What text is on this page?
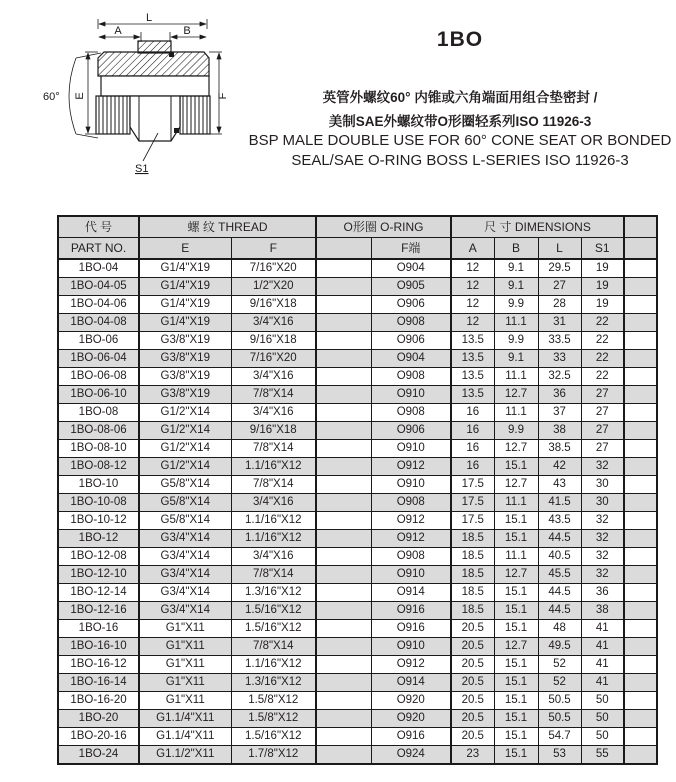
L
A	B
E	F
60°
S1
1BO

英管外螺纹60° 内锥或六角端面用组合垫密封 /

美制SAE外螺纹带O形圈轻系列ISO 11926-3

BSP MALE DOUBLE USE FOR 60° CONE SEAT OR BONDED

SEAL/SAE O-RING BOSS L-SERIES ISO 11926-3

代 号	螺 纹 THREAD		O形圈 O-RING		尺 寸 DIMENSIONS				
PART NO.	E	F		F端	A	B	L	S1	
1BO-04	G1/4"X19	7/16"X20		O904	12	9.1	29.5	19	
1BO-04-05	G1/4"X19	1/2"X20		O905	12	9.1	27	19	
1BO-04-06	G1/4"X19	9/16"X18		O906	12	9.9	28	19	
1BO-04-08	G1/4"X19	3/4"X16		O908	12	11.1	31	22	
1BO-06	G3/8"X19	9/16"X18		O906	13.5	9.9	33.5	22	
1BO-06-04	G3/8"X19	7/16"X20		O904	13.5	9.1	33	22	
1BO-06-08	G3/8"X19	3/4"X16		O908	13.5	11.1	32.5	22	
1BO-06-10	G3/8"X19	7/8"X14		O910	13.5	12.7	36	27	
1BO-08	G1/2"X14	3/4"X16		O908	16	11.1	37	27	
1BO-08-06	G1/2"X14	9/16"X18		O906	16	9.9	38	27	
1BO-08-10	G1/2"X14	7/8"X14		O910	16	12.7	38.5	27	
1BO-08-12	G1/2"X14	1.1/16"X12		O912	16	15.1	42	32	
1BO-10	G5/8"X14	7/8"X14		O910	17.5	12.7	43	30	
1BO-10-08	G5/8"X14	3/4"X16		O908	17.5	11.1	41.5	30	
1BO-10-12	G5/8"X14	1.1/16"X12		O912	17.5	15.1	43.5	32	
1BO-12	G3/4"X14	1.1/16"X12		O912	18.5	15.1	44.5	32	
1BO-12-08	G3/4"X14	3/4"X16		O908	18.5	11.1	40.5	32	
1BO-12-10	G3/4"X14	7/8"X14		O910	18.5	12.7	45.5	32	
1BO-12-14	G3/4"X14	1.3/16"X12		O914	18.5	15.1	44.5	36	
1BO-12-16	G3/4"X14	1.5/16"X12		O916	18.5	15.1	44.5	38	
1BO-16	G1"X11	1.5/16"X12		O916	20.5	15.1	48	41	
1BO-16-10	G1"X11	7/8"X14		O910	20.5	12.7	49.5	41	
1BO-16-12	G1"X11	1.1/16"X12		O912	20.5	15.1	52	41	
1BO-16-14	G1"X11	1.3/16"X12		O914	20.5	15.1	52	41	
1BO-16-20	G1"X11	1.5/8"X12		O920	20.5	15.1	50.5	50	
1BO-20	G1.1/4"X11	1.5/8"X12		O920	20.5	15.1	50.5	50	
1BO-20-16	G1.1/4"X11	1.5/16"X12		O916	20.5	15.1	54.7	50	
1BO-24	G1.1/2"X11	1.7/8"X12		O924	23	15.1	53	55	
